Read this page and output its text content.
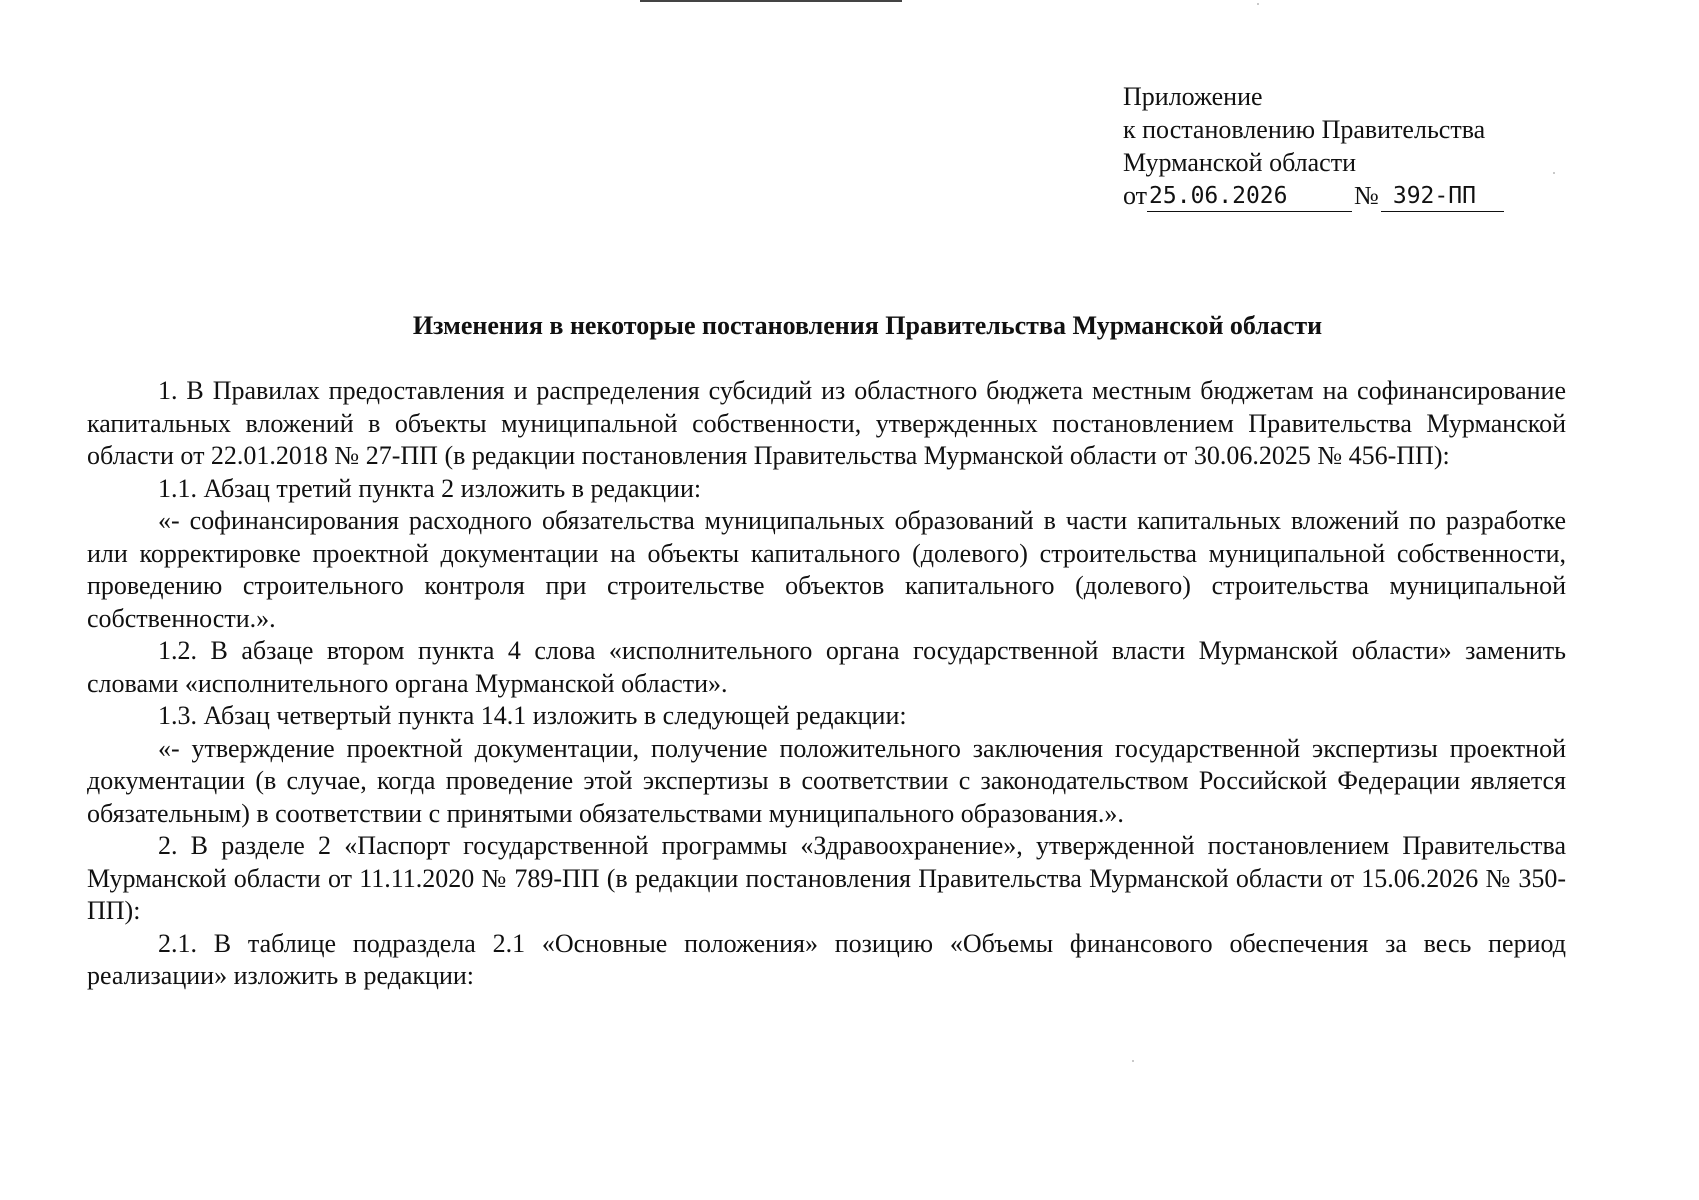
Приложение
к постановлению Правительства
Мурманской области
от 25.06.2026	№ 392-ПП
Изменения в некоторые постановления Правительства Мурманской области

1. В Правилах предоставления и распределения субсидий из областного бюджета местным бюджетам на софинансирование капитальных вложений в объекты муниципальной собственности, утвержденных постановлением Правительства Мурманской области от 22.01.2018 № 27-ПП (в редакции постановления Правительства Мурманской области от 30.06.2025 № 456-ПП):

1.1. Абзац третий пункта 2 изложить в редакции:

«- софинансирования расходного обязательства муниципальных образований в части капитальных вложений по разработке или корректировке проектной документации на объекты капитального (долевого) строительства муниципальной собственности, проведению строительного контроля при строительстве объектов капитального (долевого) строительства муниципальной собственности.».

1.2. В абзаце втором пункта 4 слова «исполнительного органа государственной власти Мурманской области» заменить словами «исполнительного органа Мурманской области».

1.3. Абзац четвертый пункта 14.1 изложить в следующей редакции:

«- утверждение проектной документации, получение положительного заключения государственной экспертизы проектной документации (в случае, когда проведение этой экспертизы в соответствии с законодательством Российской Федерации является обязательным) в соответствии с принятыми обязательствами муниципального образования.».

2. В разделе 2 «Паспорт государственной программы «Здравоохранение», утвержденной постановлением Правительства Мурманской области от 11.11.2020 № 789-ПП (в редакции постановления Правительства Мурманской области от 15.06.2026 № 350-ПП):

2.1. В таблице подраздела 2.1 «Основные положения» позицию «Объемы финансового обеспечения за весь период реализации» изложить в редакции:
